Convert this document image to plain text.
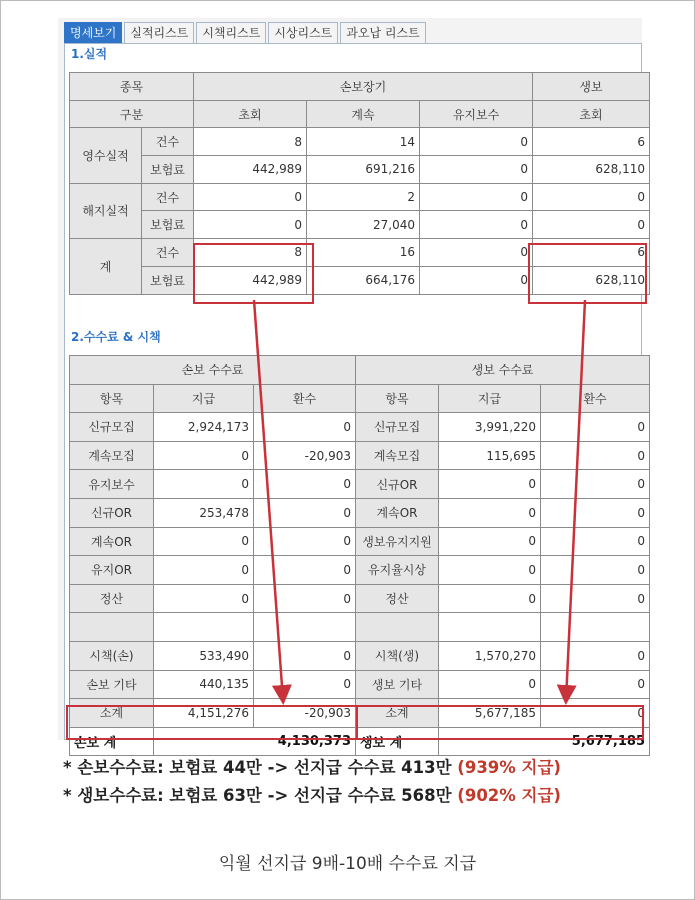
명세보기	실적리스트	시책리스트	시상리스트	과오납 리스트
1.실적
종목		손보장기			생보
구분		초회	계속	유지보수	초회
영수실적	건수	8	14	0	6
	보험료	442,989	691,216	0	628,110
해지실적	건수	0	2	0	0
	보험료	0	27,040	0	0
계	건수	8	16	0	6
	보험료	442,989	664,176	0	628,110
2.수수료 & 시책
손보 수수료			생보 수수료		
항목	지급	환수	항목	지급	환수
신규모집	2,924,173	0	신규모집	3,991,220	0
계속모집	0	-20,903	계속모집	115,695	0
유지보수	0	0	신규OR	0	0
신규OR	253,478	0	계속OR	0	0
계속OR	0	0	생보유지지원	0	0
유지OR	0	0	유지율시상	0	0
정산	0	0	정산	0	0

시책(손)	533,490	0	시책(생)	1,570,270	0
손보 기타	440,135	0	생보 기타	0	0
소계	4,151,276	-20,903	소계	5,677,185	0
손보 계	4,130,373		생보 계	5,677,185	
* 손보수수료: 보험료 44만 -> 선지급 수수료 413만 (939% 지급)
* 생보수수료: 보험료 63만 -> 선지급 수수료 568만 (902% 지급)
익월 선지급 9배-10배 수수료 지급
